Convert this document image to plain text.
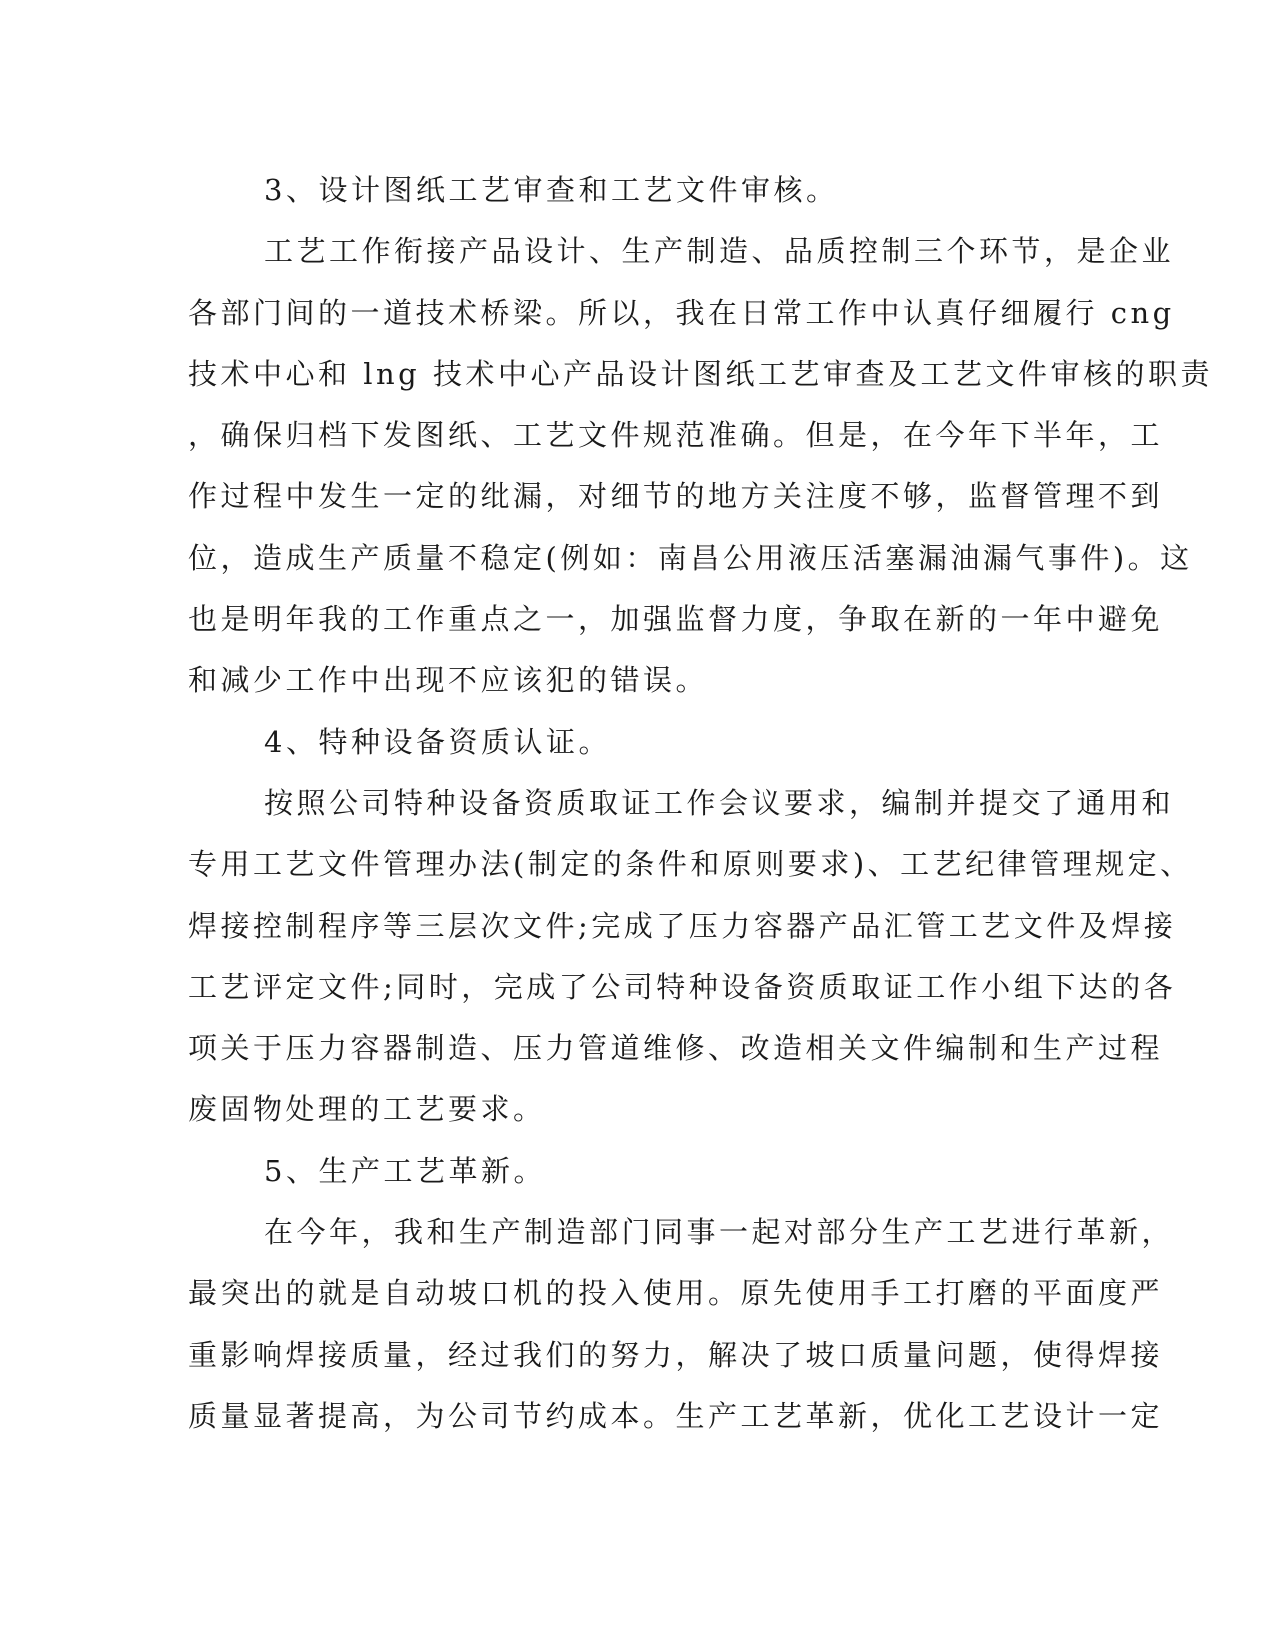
3、设计图纸工艺审查和工艺文件审核。
工艺工作衔接产品设计、生产制造、品质控制三个环节，是企业
各部门间的一道技术桥梁。所以，我在日常工作中认真仔细履行 cng
技术中心和 lng 技术中心产品设计图纸工艺审查及工艺文件审核的职责
，确保归档下发图纸、工艺文件规范准确。但是，在今年下半年，工
作过程中发生一定的纰漏，对细节的地方关注度不够，监督管理不到
位，造成生产质量不稳定(例如：南昌公用液压活塞漏油漏气事件)。这
也是明年我的工作重点之一，加强监督力度，争取在新的一年中避免
和减少工作中出现不应该犯的错误。
4、特种设备资质认证。
按照公司特种设备资质取证工作会议要求，编制并提交了通用和
专用工艺文件管理办法(制定的条件和原则要求)、工艺纪律管理规定、
焊接控制程序等三层次文件;完成了压力容器产品汇管工艺文件及焊接
工艺评定文件;同时，完成了公司特种设备资质取证工作小组下达的各
项关于压力容器制造、压力管道维修、改造相关文件编制和生产过程
废固物处理的工艺要求。
5、生产工艺革新。
在今年，我和生产制造部门同事一起对部分生产工艺进行革新，
最突出的就是自动坡口机的投入使用。原先使用手工打磨的平面度严
重影响焊接质量，经过我们的努力，解决了坡口质量问题，使得焊接
质量显著提高，为公司节约成本。生产工艺革新，优化工艺设计一定
